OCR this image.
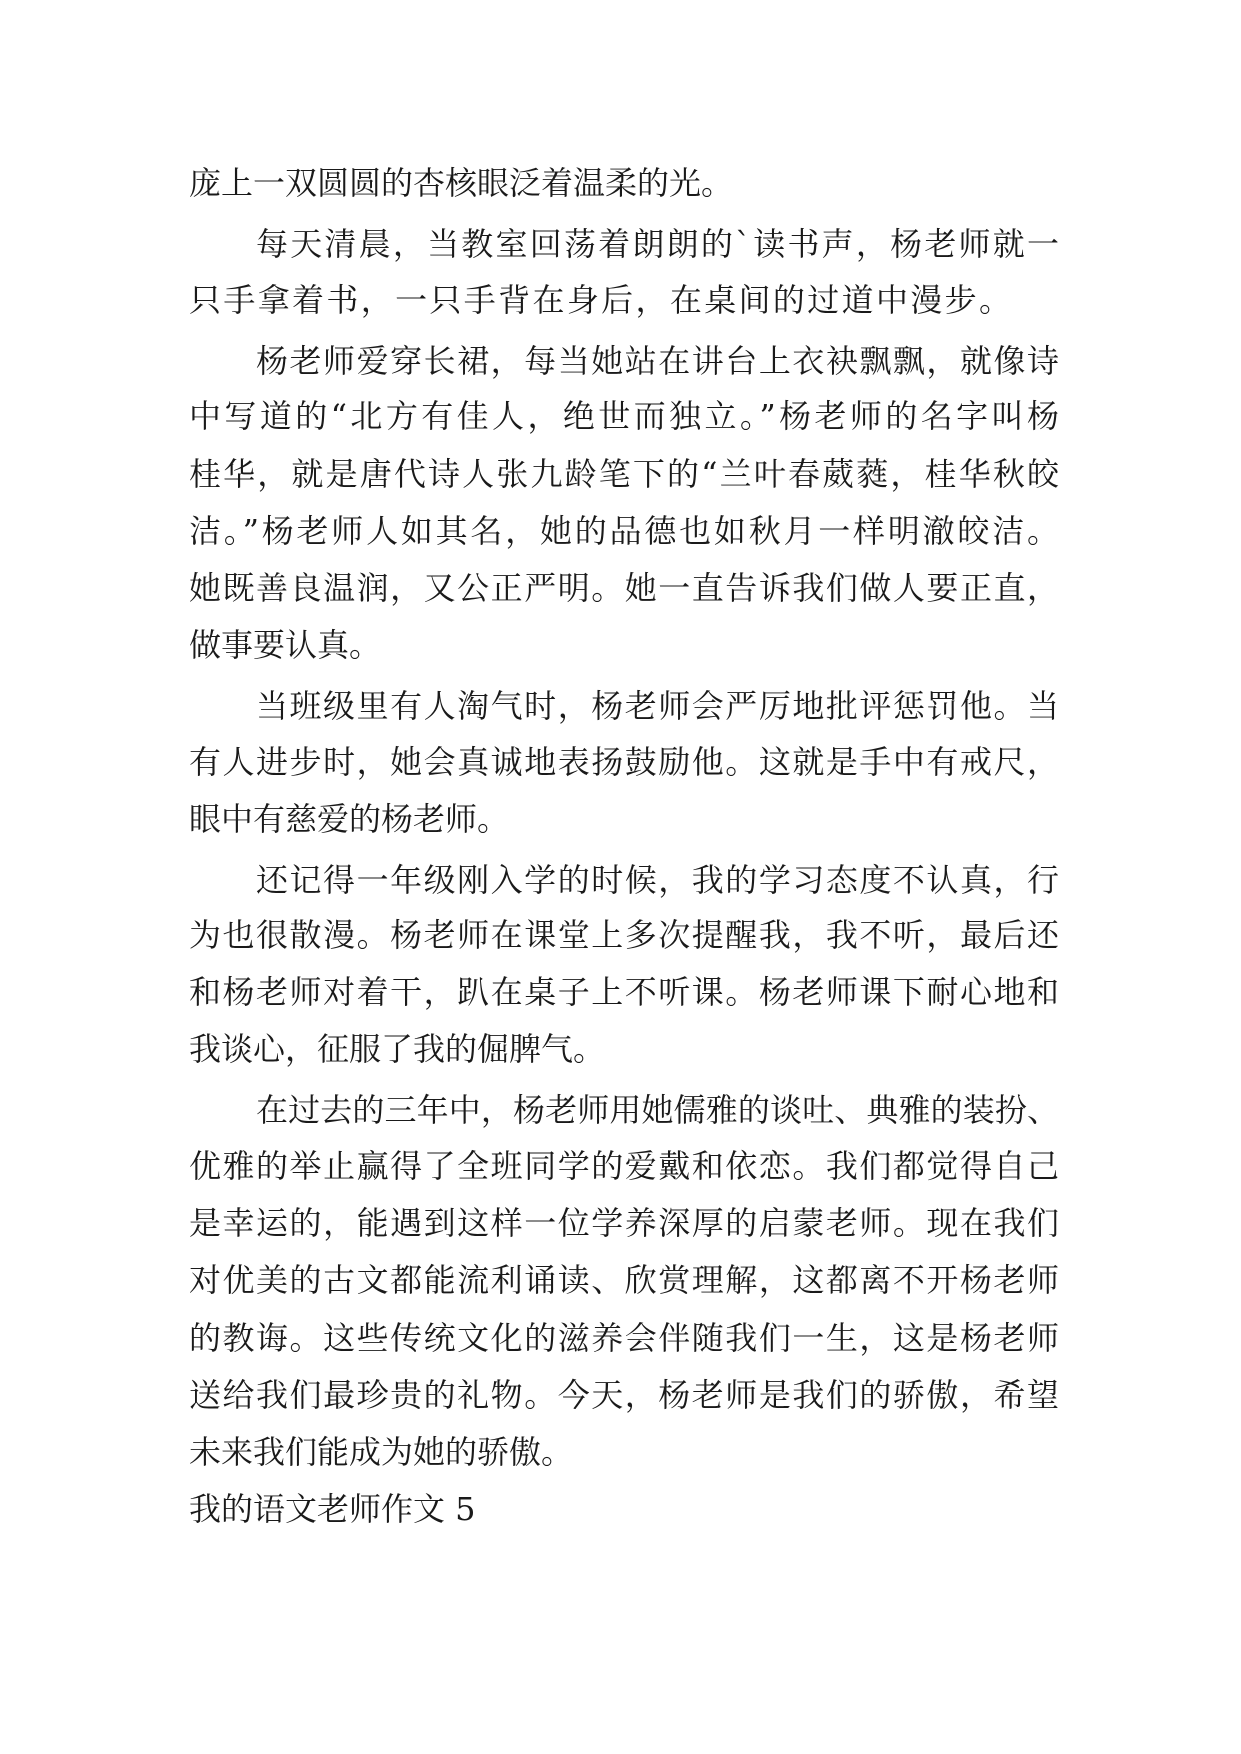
庞上一双圆圆的杏核眼泛着温柔的光。
每天清晨，当教室回荡着朗朗的`读书声，杨老师就一
只手拿着书，一只手背在身后，在桌间的过道中漫步。
杨老师爱穿长裙，每当她站在讲台上衣袂飘飘，就像诗
中写道的“北方有佳人，绝世而独立。”杨老师的名字叫杨
桂华，就是唐代诗人张九龄笔下的“兰叶春葳蕤，桂华秋皎
洁。”杨老师人如其名，她的品德也如秋月一样明澈皎洁。
她既善良温润，又公正严明。她一直告诉我们做人要正直，
做事要认真。
当班级里有人淘气时，杨老师会严厉地批评惩罚他。当
有人进步时，她会真诚地表扬鼓励他。这就是手中有戒尺，
眼中有慈爱的杨老师。
还记得一年级刚入学的时候，我的学习态度不认真，行
为也很散漫。杨老师在课堂上多次提醒我，我不听，最后还
和杨老师对着干，趴在桌子上不听课。杨老师课下耐心地和
我谈心，征服了我的倔脾气。
在过去的三年中，杨老师用她儒雅的谈吐、典雅的装扮、
优雅的举止赢得了全班同学的爱戴和依恋。我们都觉得自己
是幸运的，能遇到这样一位学养深厚的启蒙老师。现在我们
对优美的古文都能流利诵读、欣赏理解，这都离不开杨老师
的教诲。这些传统文化的滋养会伴随我们一生，这是杨老师
送给我们最珍贵的礼物。今天，杨老师是我们的骄傲，希望
未来我们能成为她的骄傲。
我的语文老师作文 5
